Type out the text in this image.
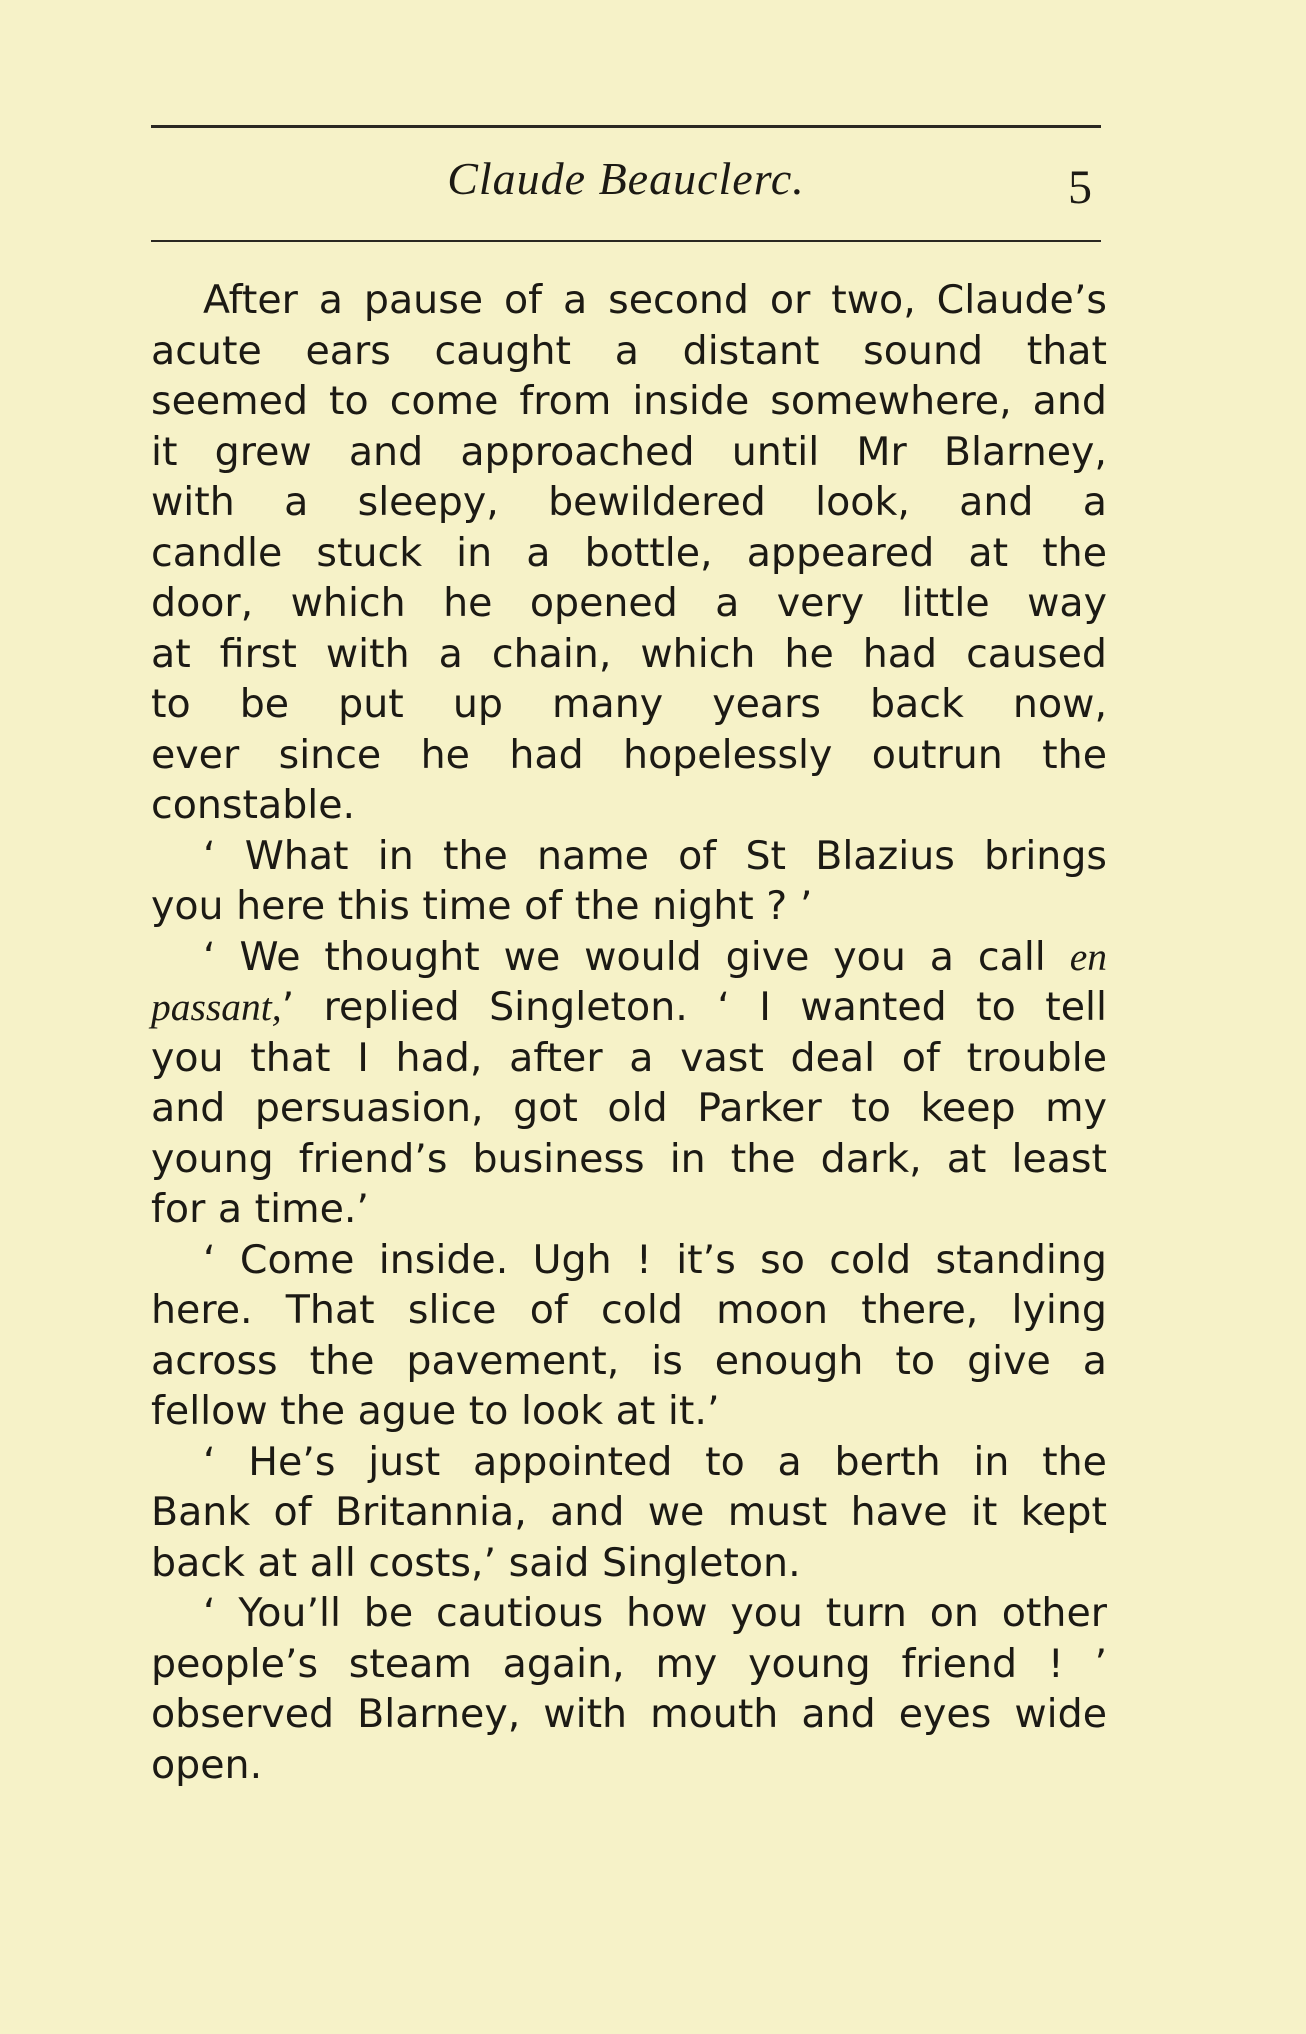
Claude Beauclerc.	5
After a pause of a second or two, Claude’s
acute ears caught a distant sound that
seemed to come from inside somewhere, and
it grew and approached until Mr Blarney,
with a sleepy, bewildered look, and a
candle stuck in a bottle, appeared at the
door, which he opened a very little way
at first with a chain, which he had caused
to be put up many years back now,
ever since he had hopelessly outrun the
constable.
‘ What in the name of St Blazius brings
you here this time of the night ? ’
‘ We thought we would give you a call en
passant,’ replied Singleton. ‘ I wanted to tell
you that I had, after a vast deal of trouble
and persuasion, got old Parker to keep my
young friend’s business in the dark, at least
for a time.’
‘ Come inside. Ugh ! it’s so cold standing
here. That slice of cold moon there, lying
across the pavement, is enough to give a
fellow the ague to look at it.’
‘ He’s just appointed to a berth in the
Bank of Britannia, and we must have it kept
back at all costs,’ said Singleton.
‘ You’ll be cautious how you turn on other
people’s steam again, my young friend ! ’
observed Blarney, with mouth and eyes wide
open.
